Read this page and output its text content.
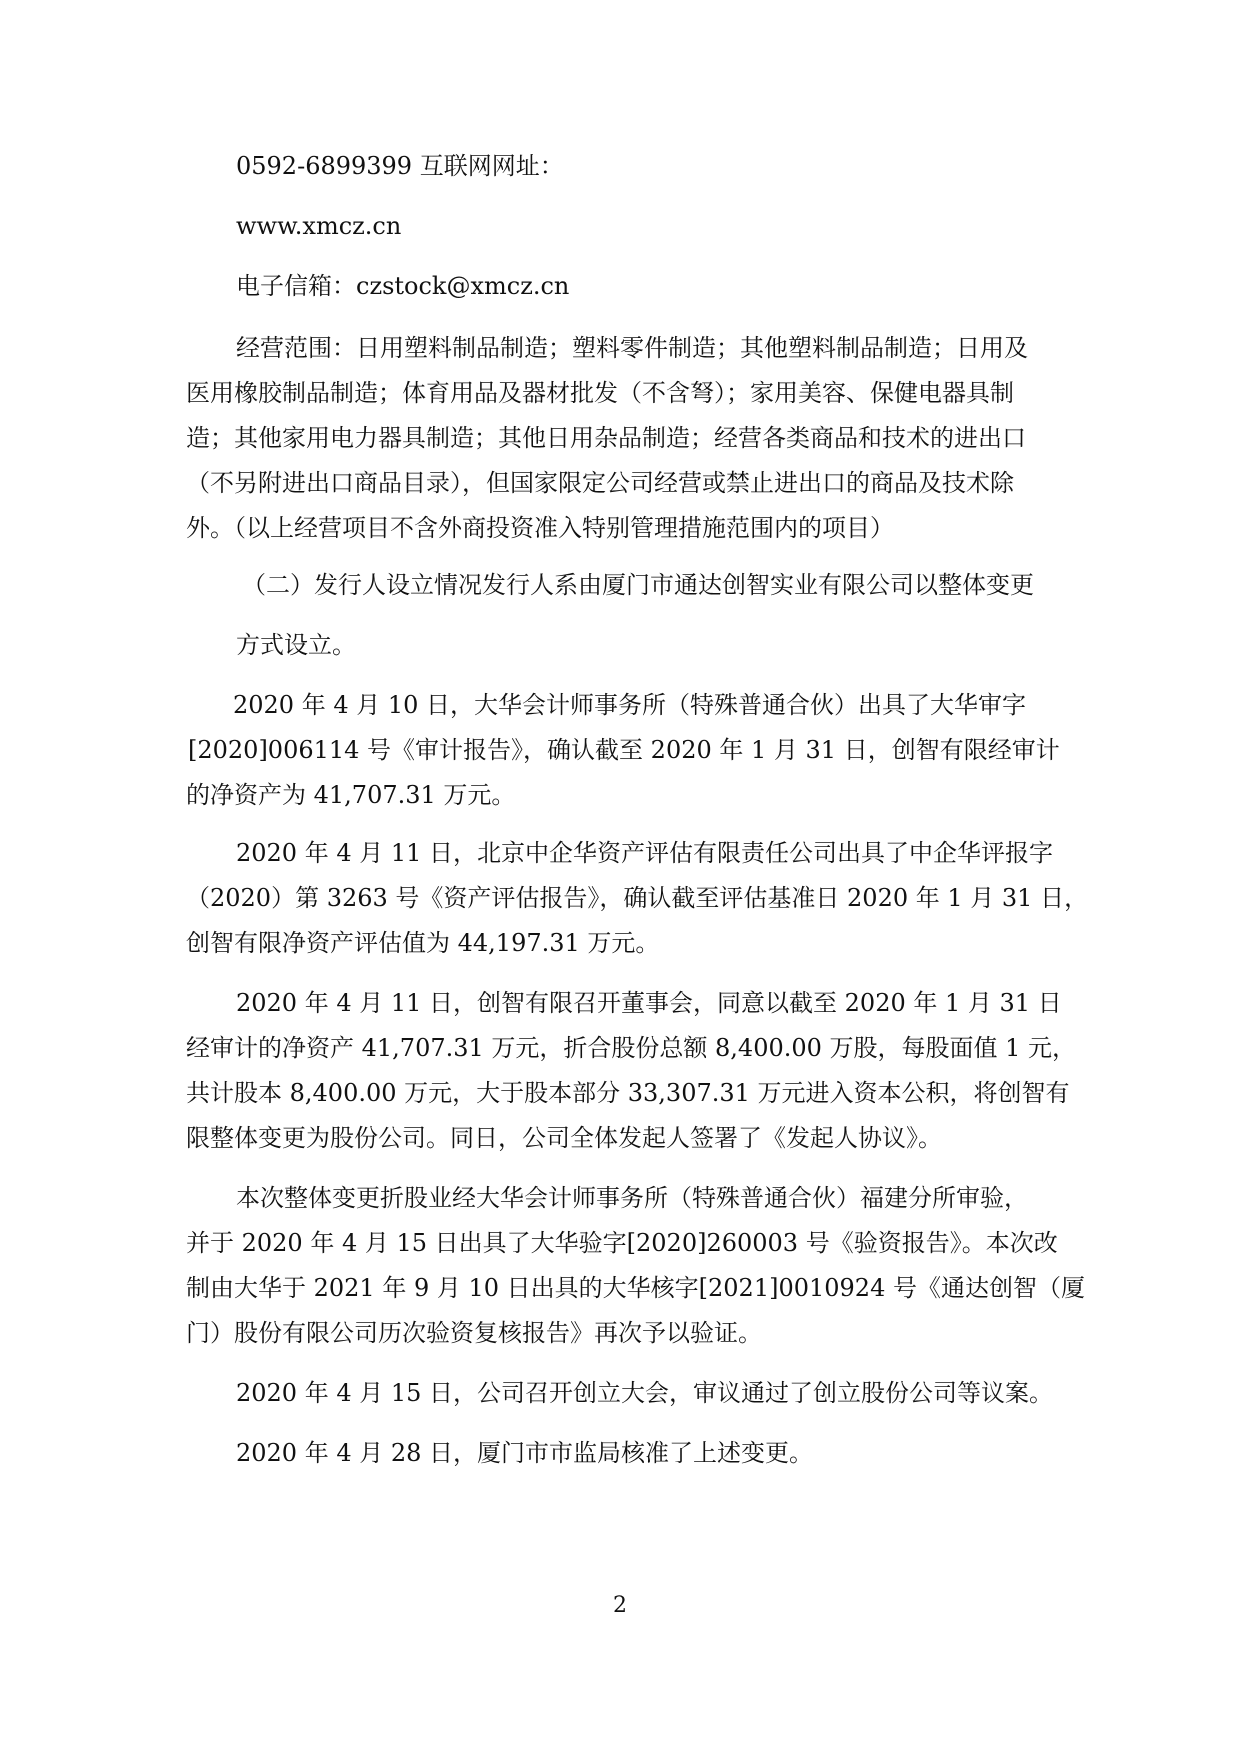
0592-6899399 互联网网址：

www.xmcz.cn

电子信箱：czstock@xmcz.cn

经营范围：日用塑料制品制造；塑料零件制造；其他塑料制品制造；日用及

医用橡胶制品制造；体育用品及器材批发（不含弩）；家用美容、保健电器具制

造；其他家用电力器具制造；其他日用杂品制造；经营各类商品和技术的进出口

（不另附进出口商品目录），但国家限定公司经营或禁止进出口的商品及技术除

外。（以上经营项目不含外商投资准入特别管理措施范围内的项目）

（二）发行人设立情况发行人系由厦门市通达创智实业有限公司以整体变更

方式设立。

2020 年 4 月 10 日，大华会计师事务所（特殊普通合伙）出具了大华审字

[2020]006114 号《审计报告》，确认截至 2020 年 1 月 31 日，创智有限经审计

的净资产为 41,707.31 万元。

2020 年 4 月 11 日，北京中企华资产评估有限责任公司出具了中企华评报字

（2020）第 3263 号《资产评估报告》，确认截至评估基准日 2020 年 1 月 31 日，

创智有限净资产评估值为 44,197.31 万元。

2020 年 4 月 11 日，创智有限召开董事会，同意以截至 2020 年 1 月 31 日

经审计的净资产 41,707.31 万元，折合股份总额 8,400.00 万股，每股面值 1 元，

共计股本 8,400.00 万元，大于股本部分 33,307.31 万元进入资本公积，将创智有

限整体变更为股份公司。同日，公司全体发起人签署了《发起人协议》。

本次整体变更折股业经大华会计师事务所（特殊普通合伙）福建分所审验，

并于 2020 年 4 月 15 日出具了大华验字[2020]260003 号《验资报告》。本次改

制由大华于 2021 年 9 月 10 日出具的大华核字[2021]0010924 号《通达创智（厦

门）股份有限公司历次验资复核报告》再次予以验证。

2020 年 4 月 15 日，公司召开创立大会，审议通过了创立股份公司等议案。

2020 年 4 月 28 日，厦门市市监局核准了上述变更。

2
